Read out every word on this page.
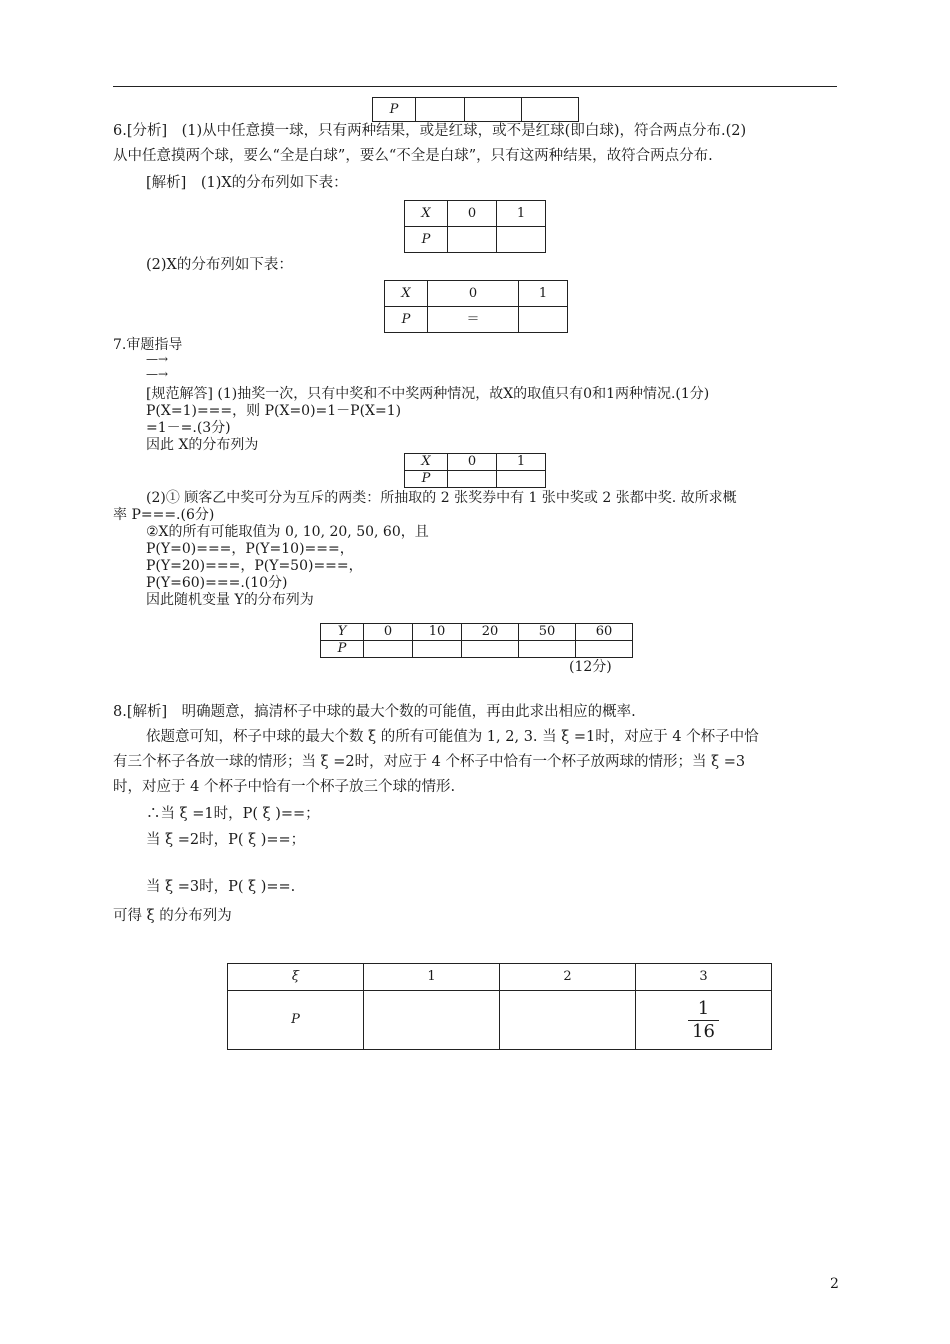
P			
6.[分析]　(1)从中任意摸一球，只有两种结果，或是红球，或不是红球(即白球)，符合两点分布.(2)
从中任意摸两个球，要么“全是白球”，要么“不全是白球”，只有这两种结果，故符合两点分布.
[解析]　(1)X的分布列如下表：
X	0	1
P		
(2)X的分布列如下表：
X	0	1
P	＝	
7.审题指导
—→
—→
[规范解答] (1)抽奖一次，只有中奖和不中奖两种情况，故X的取值只有0和1两种情况.(1分)
P(X=1)===，则 P(X=0)=1－P(X=1)
=1－=.(3分)
因此 X的分布列为
X	0	1
P		
(2)① 顾客乙中奖可分为互斥的两类：所抽取的 2 张奖券中有 1 张中奖或 2 张都中奖. 故所求概
率 P===.(6分)
②X的所有可能取值为 0, 10, 20, 50, 60，且
P(Y=0)===，P(Y=10)===，
P(Y=20)===，P(Y=50)===，
P(Y=60)===.(10分)
因此随机变量 Y的分布列为
Y	0	10	20	50	60
P					
(12分)
8.[解析]　明确题意，搞清杯子中球的最大个数的可能值，再由此求出相应的概率.
依题意可知，杯子中球的最大个数 ξ 的所有可能值为 1, 2, 3. 当 ξ =1时，对应于 4 个杯子中恰
有三个杯子各放一球的情形；当 ξ =2时，对应于 4 个杯子中恰有一个杯子放两球的情形；当 ξ =3
时，对应于 4 个杯子中恰有一个杯子放三个球的情形.
∴当 ξ =1时，P( ξ )==；
当 ξ =2时，P( ξ )==；
当 ξ =3时，P( ξ )==.
可得 ξ 的分布列为
ξ	1	2	3
P			$\frac{1}{16}$
2
